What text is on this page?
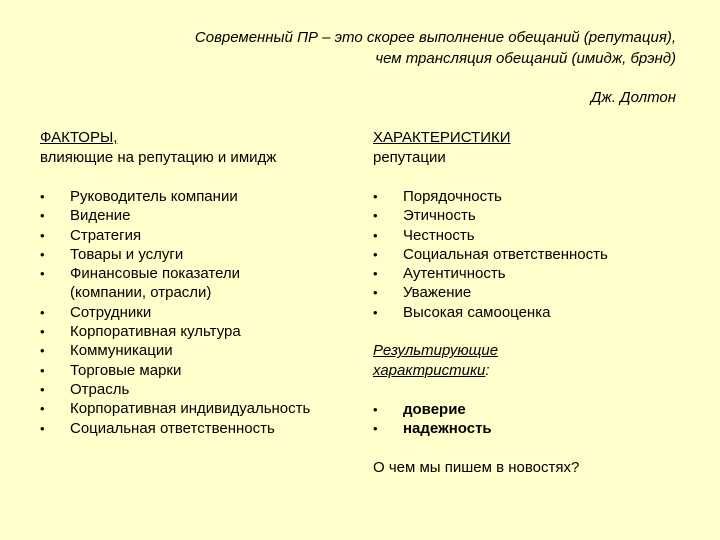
Современный ПР – это скорее выполнение обещаний (репутация),
чем трансляция обещаний (имидж, брэнд)
Дж. Долтон
ФАКТОРЫ,
влияющие на репутацию и имидж
•	Руководитель компании
•	Видение
•	Стратегия
•	Товары и услуги
•	Финансовые показатели
(компании, отрасли)
•	Сотрудники
•	Корпоративная культура
•	Коммуникации
•	Торговые марки
•	Отрасль
•	Корпоративная индивидуальность
•	Социальная ответственность
ХАРАКТЕРИСТИКИ
репутации
•	Порядочность
•	Этичность
•	Честность
•	Социальная ответственность
•	Аутентичность
•	Уважение
•	Высокая самооценка
Результирующие
характристики:
•	доверие
•	надежность
О чем мы пишем в новостях?
